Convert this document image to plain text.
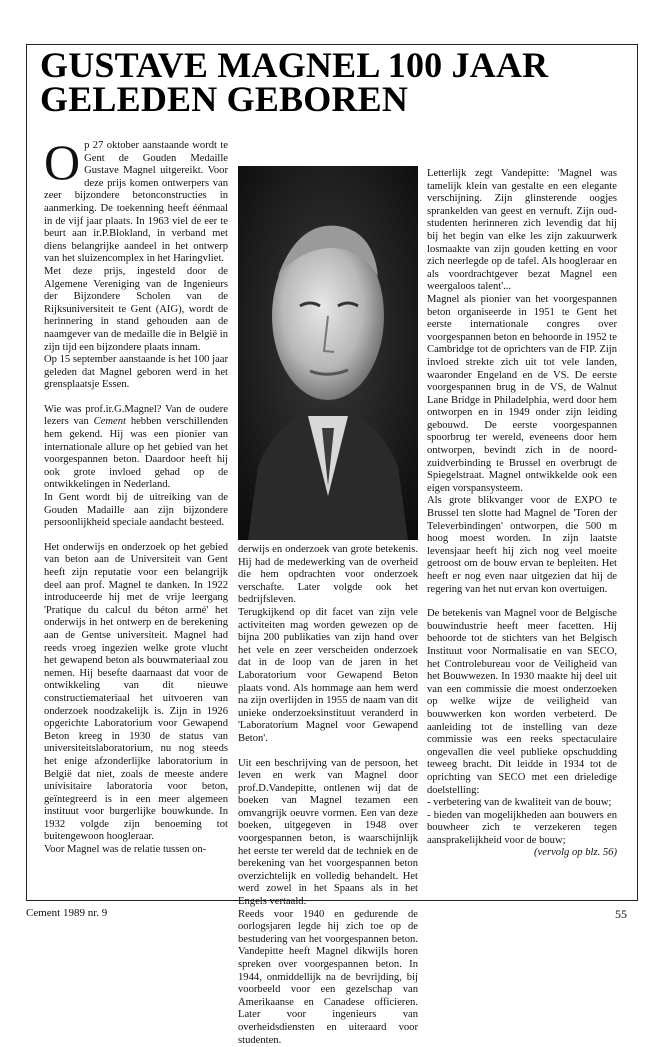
GUSTAVE MAGNEL 100 JAAR
GELEDEN GEBOREN

Op 27 oktober aanstaande wordt te Gent de Gouden Medaille Gustave Magnel uitgereikt. Voor deze prijs komen ontwerpers van zeer bijzondere betonconstructies in aanmerking. De toekenning heeft éénmaal in de vijf jaar plaats. In 1963 viel de eer te beurt aan ir.P.Blokland, in verband met diens belangrijke aandeel in het ontwerp van het sluizencomplex in het Haringvliet.

Met deze prijs, ingesteld door de Algemene Vereniging van de Ingenieurs der Bijzondere Scholen van de Rijksuniversiteit te Gent (AIG), wordt de herinnering in stand gehouden aan de naamgever van de medaille die in België in zijn tijd een bijzondere plaats innam.

Op 15 september aanstaande is het 100 jaar geleden dat Magnel geboren werd in het grensplaatsje Essen.

Wie was prof.ir.G.Magnel? Van de oudere lezers van Cement hebben verschillenden hem gekend. Hij was een pionier van internationale allure op het gebied van het voorgespannen beton. Daardoor heeft hij ook grote invloed gehad op de ontwikkelingen in Nederland.

In Gent wordt bij de uitreiking van de Gouden Madaille aan zijn bijzondere persoonlijkheid speciale aandacht besteed.

Het onderwijs en onderzoek op het gebied van beton aan de Universiteit van Gent heeft zijn reputatie voor een belangrijk deel aan prof. Magnel te danken. In 1922 introduceerde hij met de vrije leergang 'Pratique du calcul du béton armé' het onderwijs in het ontwerp en de berekening aan de Gentse universiteit. Magnel had reeds vroeg ingezien welke grote vlucht het gewapend beton als bouwmateriaal zou nemen. Hij besefte daarnaast dat voor de ontwikkeling van dit nieuwe constructiemateriaal het uitvoeren van onderzoek noodzakelijk is. Zijn in 1926 opgerichte Laboratorium voor Gewapend Beton kreeg in 1930 de status van universiteitslaboratorium, nu nog steeds het enige afzonderlijke laboratorium in België dat niet, zoals de meeste andere unívisitaire laboratoria voor beton, geïntegreerd is in een meer algemeen instituut voor burgerlijke bouwkunde. In 1932 volgde zijn benoeming tot buitengewoon hoogleraar.

Voor Magnel was de relatie tussen on-

derwijs en onderzoek van grote betekenis. Hij had de medewerking van de overheid die hem opdrachten voor onderzoek verschafte. Later volgde ook het bedrijfsleven.

Terugkijkend op dit facet van zijn vele activiteiten mag worden gewezen op de bijna 200 publikaties van zijn hand over het vele en zeer verscheiden onderzoek dat in de loop van de jaren in het Laboratorium voor Gewapend Beton plaats vond. Als hommage aan hem werd na zijn overlijden in 1955 de naam van dit unieke onderzoeksinstituut veranderd in 'Laboratorium Magnel voor Gewapend Beton'.

Uit een beschrijving van de persoon, het leven en werk van Magnel door prof.D.Vandepitte, ontlenen wij dat de boeken van Magnel tezamen een omvangrijk oeuvre vormen. Een van deze boeken, uitgegeven in 1948 over voorgespannen beton, is waarschijnlijk het eerste ter wereld dat de techniek en de berekening van het voorgespannen beton overzichtelijk en volledig behandelt. Het werd zowel in het Spaans als in het Engels vertaald.

Reeds voor 1940 en gedurende de oorlogsjaren legde hij zich toe op de bestudering van het voorgespannen beton. Vandepitte heeft Magnel dikwijls horen spreken over voorgespannen beton. In 1944, onmiddellijk na de bevrijding, bij voorbeeld voor een gezelschap van Amerikaanse en Canadese officieren. Later voor ingenieurs van overheidsdiensten en uiteraard voor studenten.

Letterlijk zegt Vandepitte: 'Magnel was tamelijk klein van gestalte en een elegante verschijning. Zijn glinsterende oogjes sprankelden van geest en vernuft. Zijn oud-studenten herinneren zich levendig dat hij bij het begin van elke les zijn zakuurwerk losmaakte van zijn gouden ketting en voor zich neerlegde op de tafel. Als hoogleraar en als voordrachtgever bezat Magnel een weergaloos talent'...

Magnel als pionier van het voorgespannen beton organiseerde in 1951 te Gent het eerste internationale congres over voorgespannen beton en behoorde in 1952 te Cambridge tot de oprichters van de FIP. Zijn invloed strekte zich uit tot vele landen, waaronder Engeland en de VS. De eerste voorgespannen brug in de VS, de Walnut Lane Bridge in Philadelphia, werd door hem ontworpen en in 1949 onder zijn leiding gebouwd. De eerste voorgespannen spoorbrug ter wereld, eveneens door hem ontworpen, bevindt zich in de noord-zuidverbinding te Brussel en overbrugt de Spiegelstraat. Magnel ontwikkelde ook een eigen vorspansysteem.

Als grote blikvanger voor de EXPO te Brussel ten slotte had Magnel de 'Toren der Televerbindingen' ontworpen, die 500 m hoog moest worden. In zijn laatste levensjaar heeft hij zich nog veel moeite getroost om de bouw ervan te bepleiten. Het heeft er nog even naar uitgezien dat hij de regering van het nut ervan kon overtuigen.

De betekenis van Magnel voor de Belgische bouwindustrie heeft meer facetten. Hij behoorde tot de stichters van het Belgisch Instituut voor Normalisatie en van SECO, het Controlebureau voor de Veiligheid van het Bouwwezen. In 1930 maakte hij deel uit van een commissie die moest onderzoeken op welke wijze de veiligheid van bouwwerken kon worden verbeterd. De aanleiding tot de instelling van deze commissie was een reeks spectaculaire ongevallen die veel publieke opschudding teweeg bracht. Dit leidde in 1934 tot de oprichting van SECO met een drieledige doelstelling:

- verbetering van de kwaliteit van de bouw;

- bieden van mogelijkheden aan bouwers en bouwheer zich te verzekeren tegen aansprakelijkheid voor de bouw;

(vervolg op blz. 56)

Cement 1989 nr. 9	55
